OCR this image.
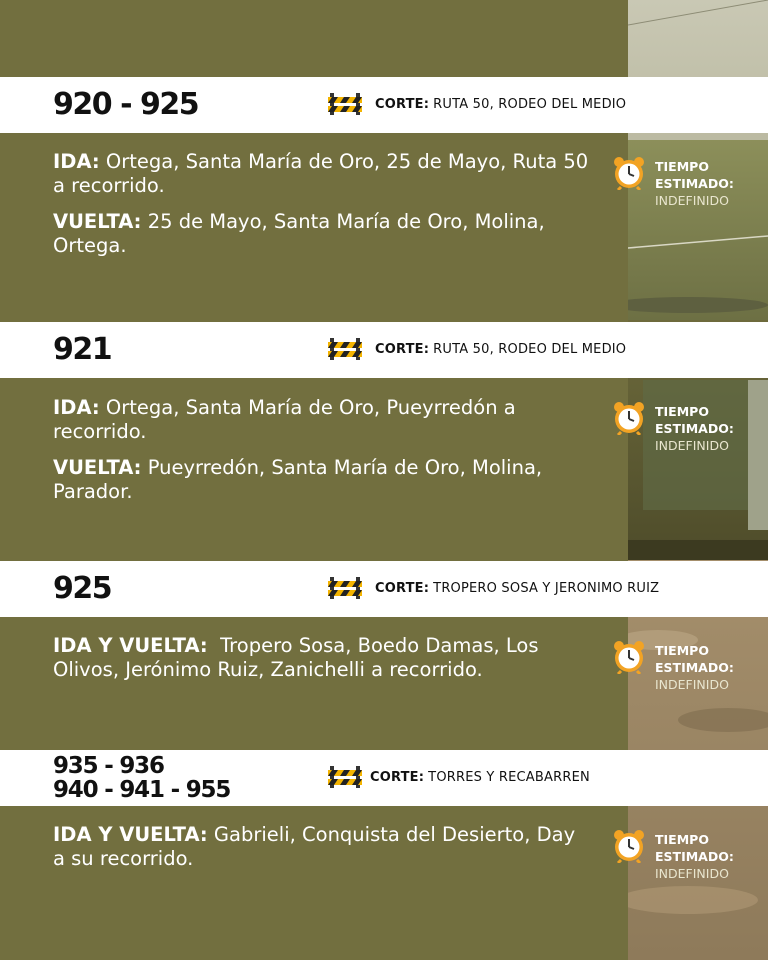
920 - 925	CORTE: RUTA 50, RODEO DEL MEDIO

IDA: Ortega, Santa María de Oro, 25 de Mayo, Ruta 50 a recorrido.

VUELTA: 25 de Mayo, Santa María de Oro, Molina, Ortega.

TIEMPO
ESTIMADO:
INDEFINIDO
921	CORTE: RUTA 50, RODEO DEL MEDIO

IDA: Ortega, Santa María de Oro, Pueyrredón a recorrido.

VUELTA: Pueyrredón, Santa María de Oro, Molina, Parador.

TIEMPO
ESTIMADO:
INDEFINIDO
925	CORTE: TROPERO SOSA Y JERONIMO RUIZ

IDA Y VUELTA: Tropero Sosa, Boedo Damas, Los Olivos, Jerónimo Ruiz, Zanichelli a recorrido.

TIEMPO
ESTIMADO:
INDEFINIDO
935 - 936
940 - 941 - 955
CORTE: TORRES Y RECABARREN

IDA Y VUELTA: Gabrieli, Conquista del Desierto, Day a su recorrido.

TIEMPO
ESTIMADO:
INDEFINIDO
